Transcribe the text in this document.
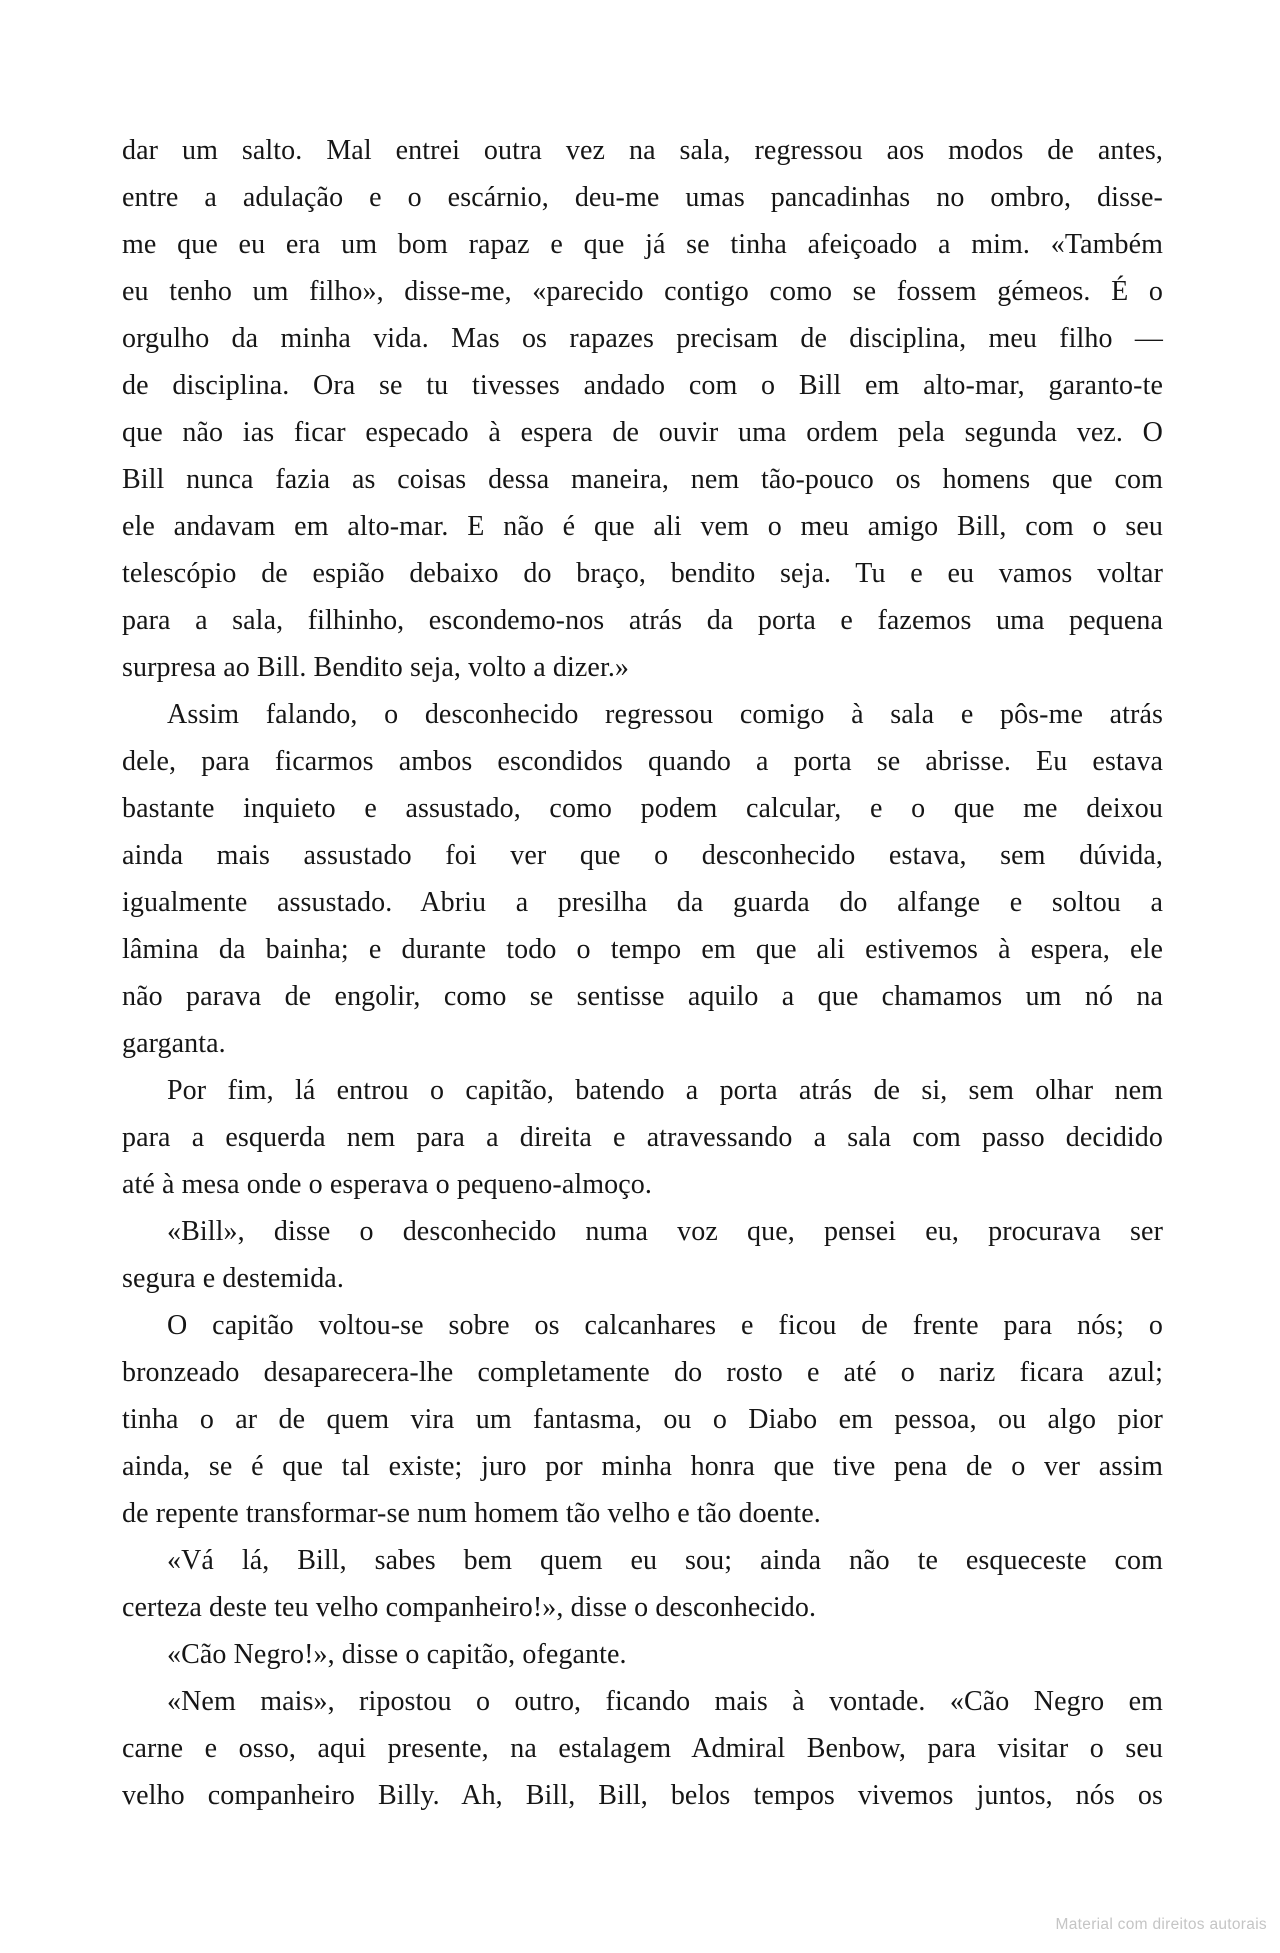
dar um salto. Mal entrei outra vez na sala, regressou aos modos de antes,
entre a adulação e o escárnio, deu-me umas pancadinhas no ombro, disse-
me que eu era um bom rapaz e que já se tinha afeiçoado a mim. «Também
eu tenho um filho», disse-me, «parecido contigo como se fossem gémeos. É o
orgulho da minha vida. Mas os rapazes precisam de disciplina, meu filho —
de disciplina. Ora se tu tivesses andado com o Bill em alto-mar, garanto-te
que não ias ficar especado à espera de ouvir uma ordem pela segunda vez. O
Bill nunca fazia as coisas dessa maneira, nem tão-pouco os homens que com
ele andavam em alto-mar. E não é que ali vem o meu amigo Bill, com o seu
telescópio de espião debaixo do braço, bendito seja. Tu e eu vamos voltar
para a sala, filhinho, escondemo-nos atrás da porta e fazemos uma pequena
surpresa ao Bill. Bendito seja, volto a dizer.»
Assim falando, o desconhecido regressou comigo à sala e pôs-me atrás
dele, para ficarmos ambos escondidos quando a porta se abrisse. Eu estava
bastante inquieto e assustado, como podem calcular, e o que me deixou
ainda mais assustado foi ver que o desconhecido estava, sem dúvida,
igualmente assustado. Abriu a presilha da guarda do alfange e soltou a
lâmina da bainha; e durante todo o tempo em que ali estivemos à espera, ele
não parava de engolir, como se sentisse aquilo a que chamamos um nó na
garganta.
Por fim, lá entrou o capitão, batendo a porta atrás de si, sem olhar nem
para a esquerda nem para a direita e atravessando a sala com passo decidido
até à mesa onde o esperava o pequeno-almoço.
«Bill», disse o desconhecido numa voz que, pensei eu, procurava ser
segura e destemida.
O capitão voltou-se sobre os calcanhares e ficou de frente para nós; o
bronzeado desaparecera-lhe completamente do rosto e até o nariz ficara azul;
tinha o ar de quem vira um fantasma, ou o Diabo em pessoa, ou algo pior
ainda, se é que tal existe; juro por minha honra que tive pena de o ver assim
de repente transformar-se num homem tão velho e tão doente.
«Vá lá, Bill, sabes bem quem eu sou; ainda não te esqueceste com
certeza deste teu velho companheiro!», disse o desconhecido.
«Cão Negro!», disse o capitão, ofegante.
«Nem mais», ripostou o outro, ficando mais à vontade. «Cão Negro em
carne e osso, aqui presente, na estalagem Admiral Benbow, para visitar o seu
velho companheiro Billy. Ah, Bill, Bill, belos tempos vivemos juntos, nós os
Material com direitos autorais
